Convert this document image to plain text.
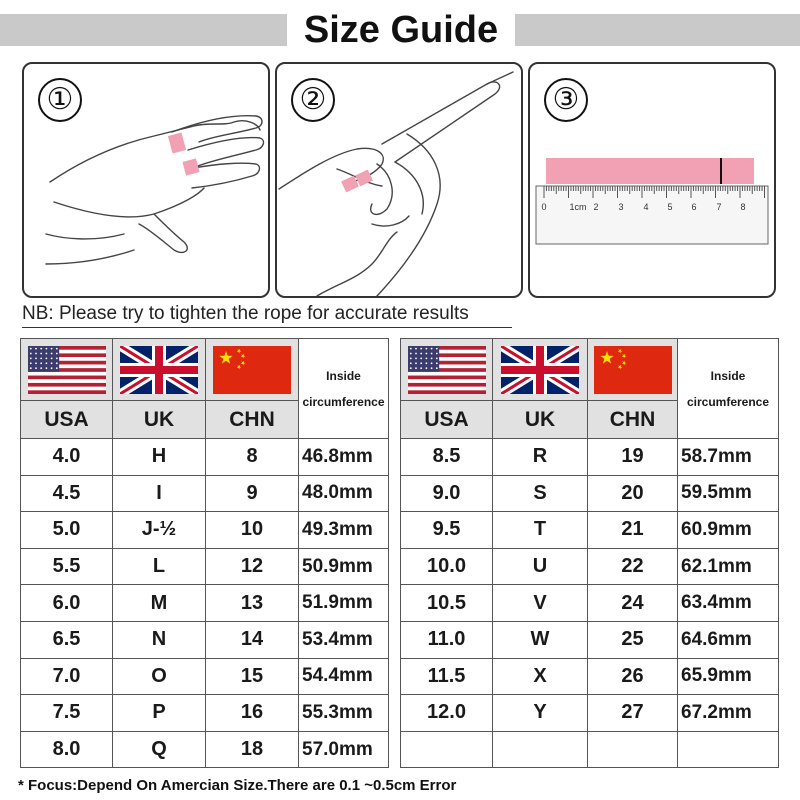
Size Guide
①	②
0	1cm 2 3 4 5 6 7 8
③
NB: Please try to tighten the rope for accurate results

Inside
circumference

USA	UK	CHN	
4.0	H	8	46.8mm
4.5	I	9	48.0mm
5.0	J-½	10	49.3mm
5.5	L	12	50.9mm
6.0	M	13	51.9mm
6.5	N	14	53.4mm
7.0	O	15	54.4mm
7.5	P	16	55.3mm
8.0	Q	18	57.0mm

Inside
circumference

USA	UK	CHN	
8.5	R	19	58.7mm
9.0	S	20	59.5mm
9.5	T	21	60.9mm
10.0	U	22	62.1mm
10.5	V	24	63.4mm
11.0	W	25	64.6mm
11.5	X	26	65.9mm
12.0	Y	27	67.2mm

* Focus:Depend On Amercian Size.There are 0.1 ~0.5cm Error
